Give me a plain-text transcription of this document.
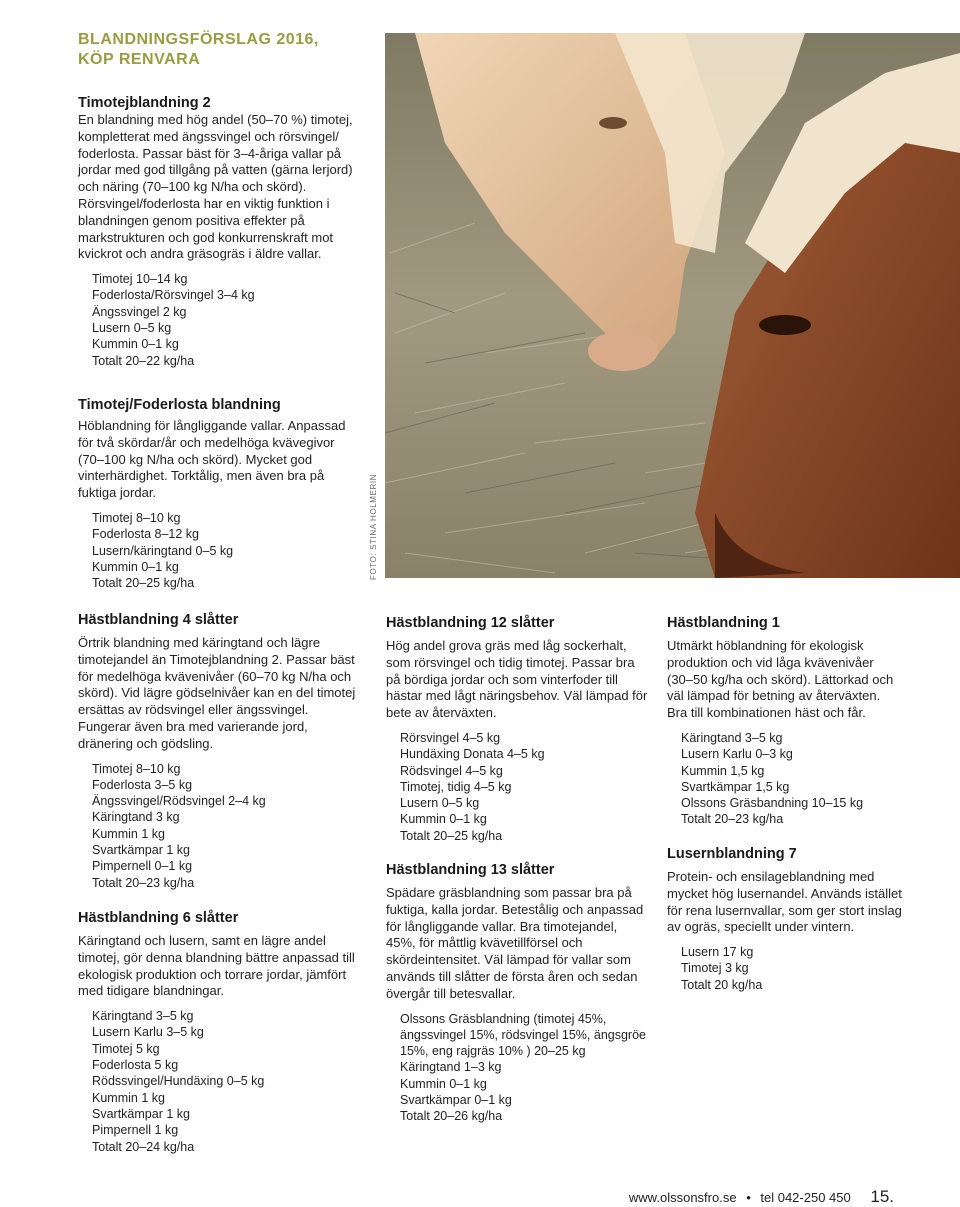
BLANDNINGSFÖRSLAG 2016,
KÖP RENVARA
Timotejblandning 2

En blandning med hög andel (50–70 %) timotej, kompletterat med ängssvingel och rörsvingel/ foderlosta. Passar bäst för 3–4-åriga vallar på jordar med god tillgång på vatten (gärna lerjord) och näring (70–100 kg N/ha och skörd).

Rörsvingel/foderlosta har en viktig funktion i blandningen genom positiva effekter på markstrukturen och god konkurrenskraft mot kvickrot och andra gräsogräs i äldre vallar.

Timotej 10–14 kg
Foderlosta/Rörsvingel 3–4 kg
Ängssvingel 2 kg
Lusern 0–5 kg
Kummin 0–1 kg
Totalt 20–22 kg/ha
Timotej/Foderlosta blandning

Höblandning för långliggande vallar. Anpassad för två skördar/år och medelhöga kvävegivor (70–100 kg N/ha och skörd). Mycket god vinterhärdighet. Torktålig, men även bra på fuktiga jordar.

Timotej 8–10 kg
Foderlosta 8–12 kg
Lusern/käringtand 0–5 kg
Kummin 0–1 kg
Totalt 20–25 kg/ha
FOTO: STINA HOLMERIN
Hästblandning 4 slåtter

Örtrik blandning med käringtand och lägre timotejandel än Timotejblandning 2. Passar bäst för medelhöga kvävenivåer (60–70 kg N/ha och skörd). Vid lägre gödselnivåer kan en del timotej ersättas av rödsvingel eller ängssvingel. Fungerar även bra med varierande jord, dränering och gödsling.

Timotej 8–10 kg
Foderlosta 3–5 kg
Ängssvingel/Rödsvingel 2–4 kg
Käringtand 3 kg
Kummin 1 kg
Svartkämpar 1 kg
Pimpernell 0–1 kg
Totalt 20–23 kg/ha
Hästblandning 6 slåtter

Käringtand och lusern, samt en lägre andel timotej, gör denna blandning bättre anpassad till ekologisk produktion och torrare jordar, jämfört med tidigare blandningar.

Käringtand 3–5 kg
Lusern Karlu 3–5 kg
Timotej 5 kg
Foderlosta 5 kg
Rödssvingel/Hundäxing 0–5 kg
Kummin 1 kg
Svartkämpar 1 kg
Pimpernell 1 kg
Totalt 20–24 kg/ha
Hästblandning 12 slåtter

Hög andel grova gräs med låg sockerhalt, som rörsvingel och tidig timotej. Passar bra på bördiga jordar och som vinterfoder till hästar med lågt näringsbehov. Väl lämpad för bete av återväxten.

Rörsvingel 4–5 kg
Hundäxing Donata 4–5 kg
Rödsvingel 4–5 kg
Timotej, tidig 4–5 kg
Lusern 0–5 kg
Kummin 0–1 kg
Totalt 20–25 kg/ha
Hästblandning 13 slåtter

Spädare gräsblandning som passar bra på fuktiga, kalla jordar. Betestålig och anpassad för långliggande vallar. Bra timotejandel, 45%, för måttlig kvävetillförsel och skördeintensitet. Väl lämpad för vallar som används till slåtter de första åren och sedan övergår till betesvallar.

Olssons Gräsblandning (timotej 45%, ängssvingel 15%, rödsvingel 15%, ängsgröe 15%, eng rajgräs 10% ) 20–25 kg
Käringtand 1–3 kg
Kummin 0–1 kg
Svartkämpar 0–1 kg
Totalt 20–26 kg/ha
Hästblandning 1

Utmärkt höblandning för ekologisk produktion och vid låga kvävenivåer (30–50 kg/ha och skörd). Lättorkad och väl lämpad för betning av återväxten. Bra till kombinationen häst och får.

Käringtand 3–5 kg
Lusern Karlu 0–3 kg
Kummin 1,5 kg
Svartkämpar 1,5 kg
Olssons Gräsbandning 10–15 kg
Totalt 20–23 kg/ha
Lusernblandning 7

Protein- och ensilageblandning med mycket hög lusernandel. Används istället för rena lusernvallar, som ger stort inslag av ogräs, speciellt under vintern.

Lusern 17 kg
Timotej 3 kg
Totalt 20 kg/ha
www.olssonsfro.se • tel 042-250 450 15.
